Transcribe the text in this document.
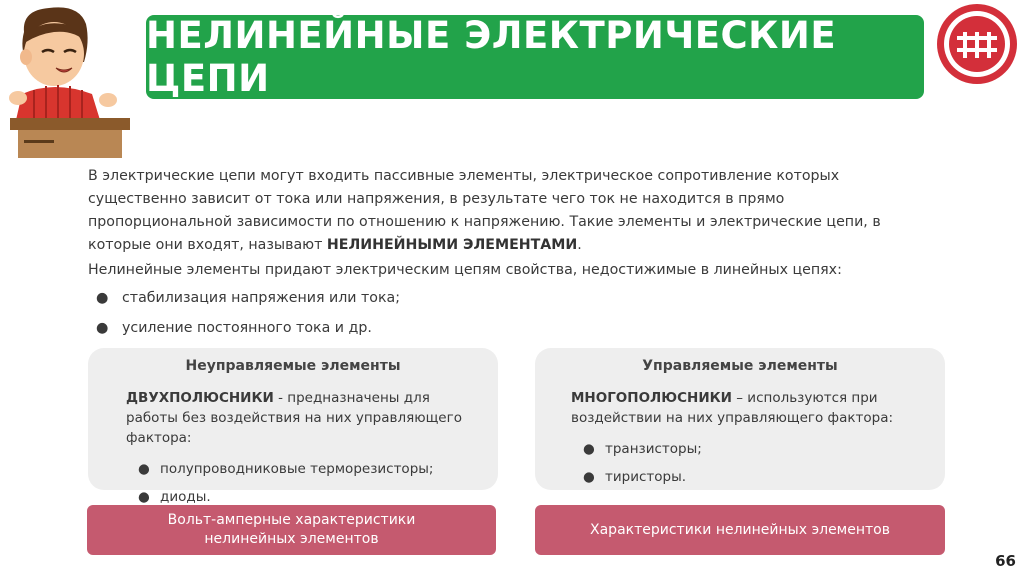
НЕЛИНЕЙНЫЕ ЭЛЕКТРИЧЕСКИЕ ЦЕПИ
В электрические цепи могут входить пассивные элементы, электрическое сопротивление которых существенно зависит от тока или напряжения, в результате чего ток не находится в прямо пропорциональной зависимости по отношению к напряжению. Такие элементы и электрические цепи, в которые они входят, называют НЕЛИНЕЙНЫМИ ЭЛЕМЕНТАМИ.
Нелинейные элементы придают электрическим цепям свойства, недостижимые в линейных цепях:
● стабилизация напряжения или тока;
● усиление постоянного тока и др.
Неуправляемые элементы
ДВУХПОЛЮСНИКИ - предназначены для работы без воздействия на них управляющего фактора:
● полупроводниковые терморезисторы;
● диоды.
Управляемые элементы
МНОГОПОЛЮСНИКИ – используются при воздействии на них управляющего фактора:
● транзисторы;
● тиристоры.
Вольт-амперные характеристики
нелинейных элементов
Характеристики нелинейных элементов
66
